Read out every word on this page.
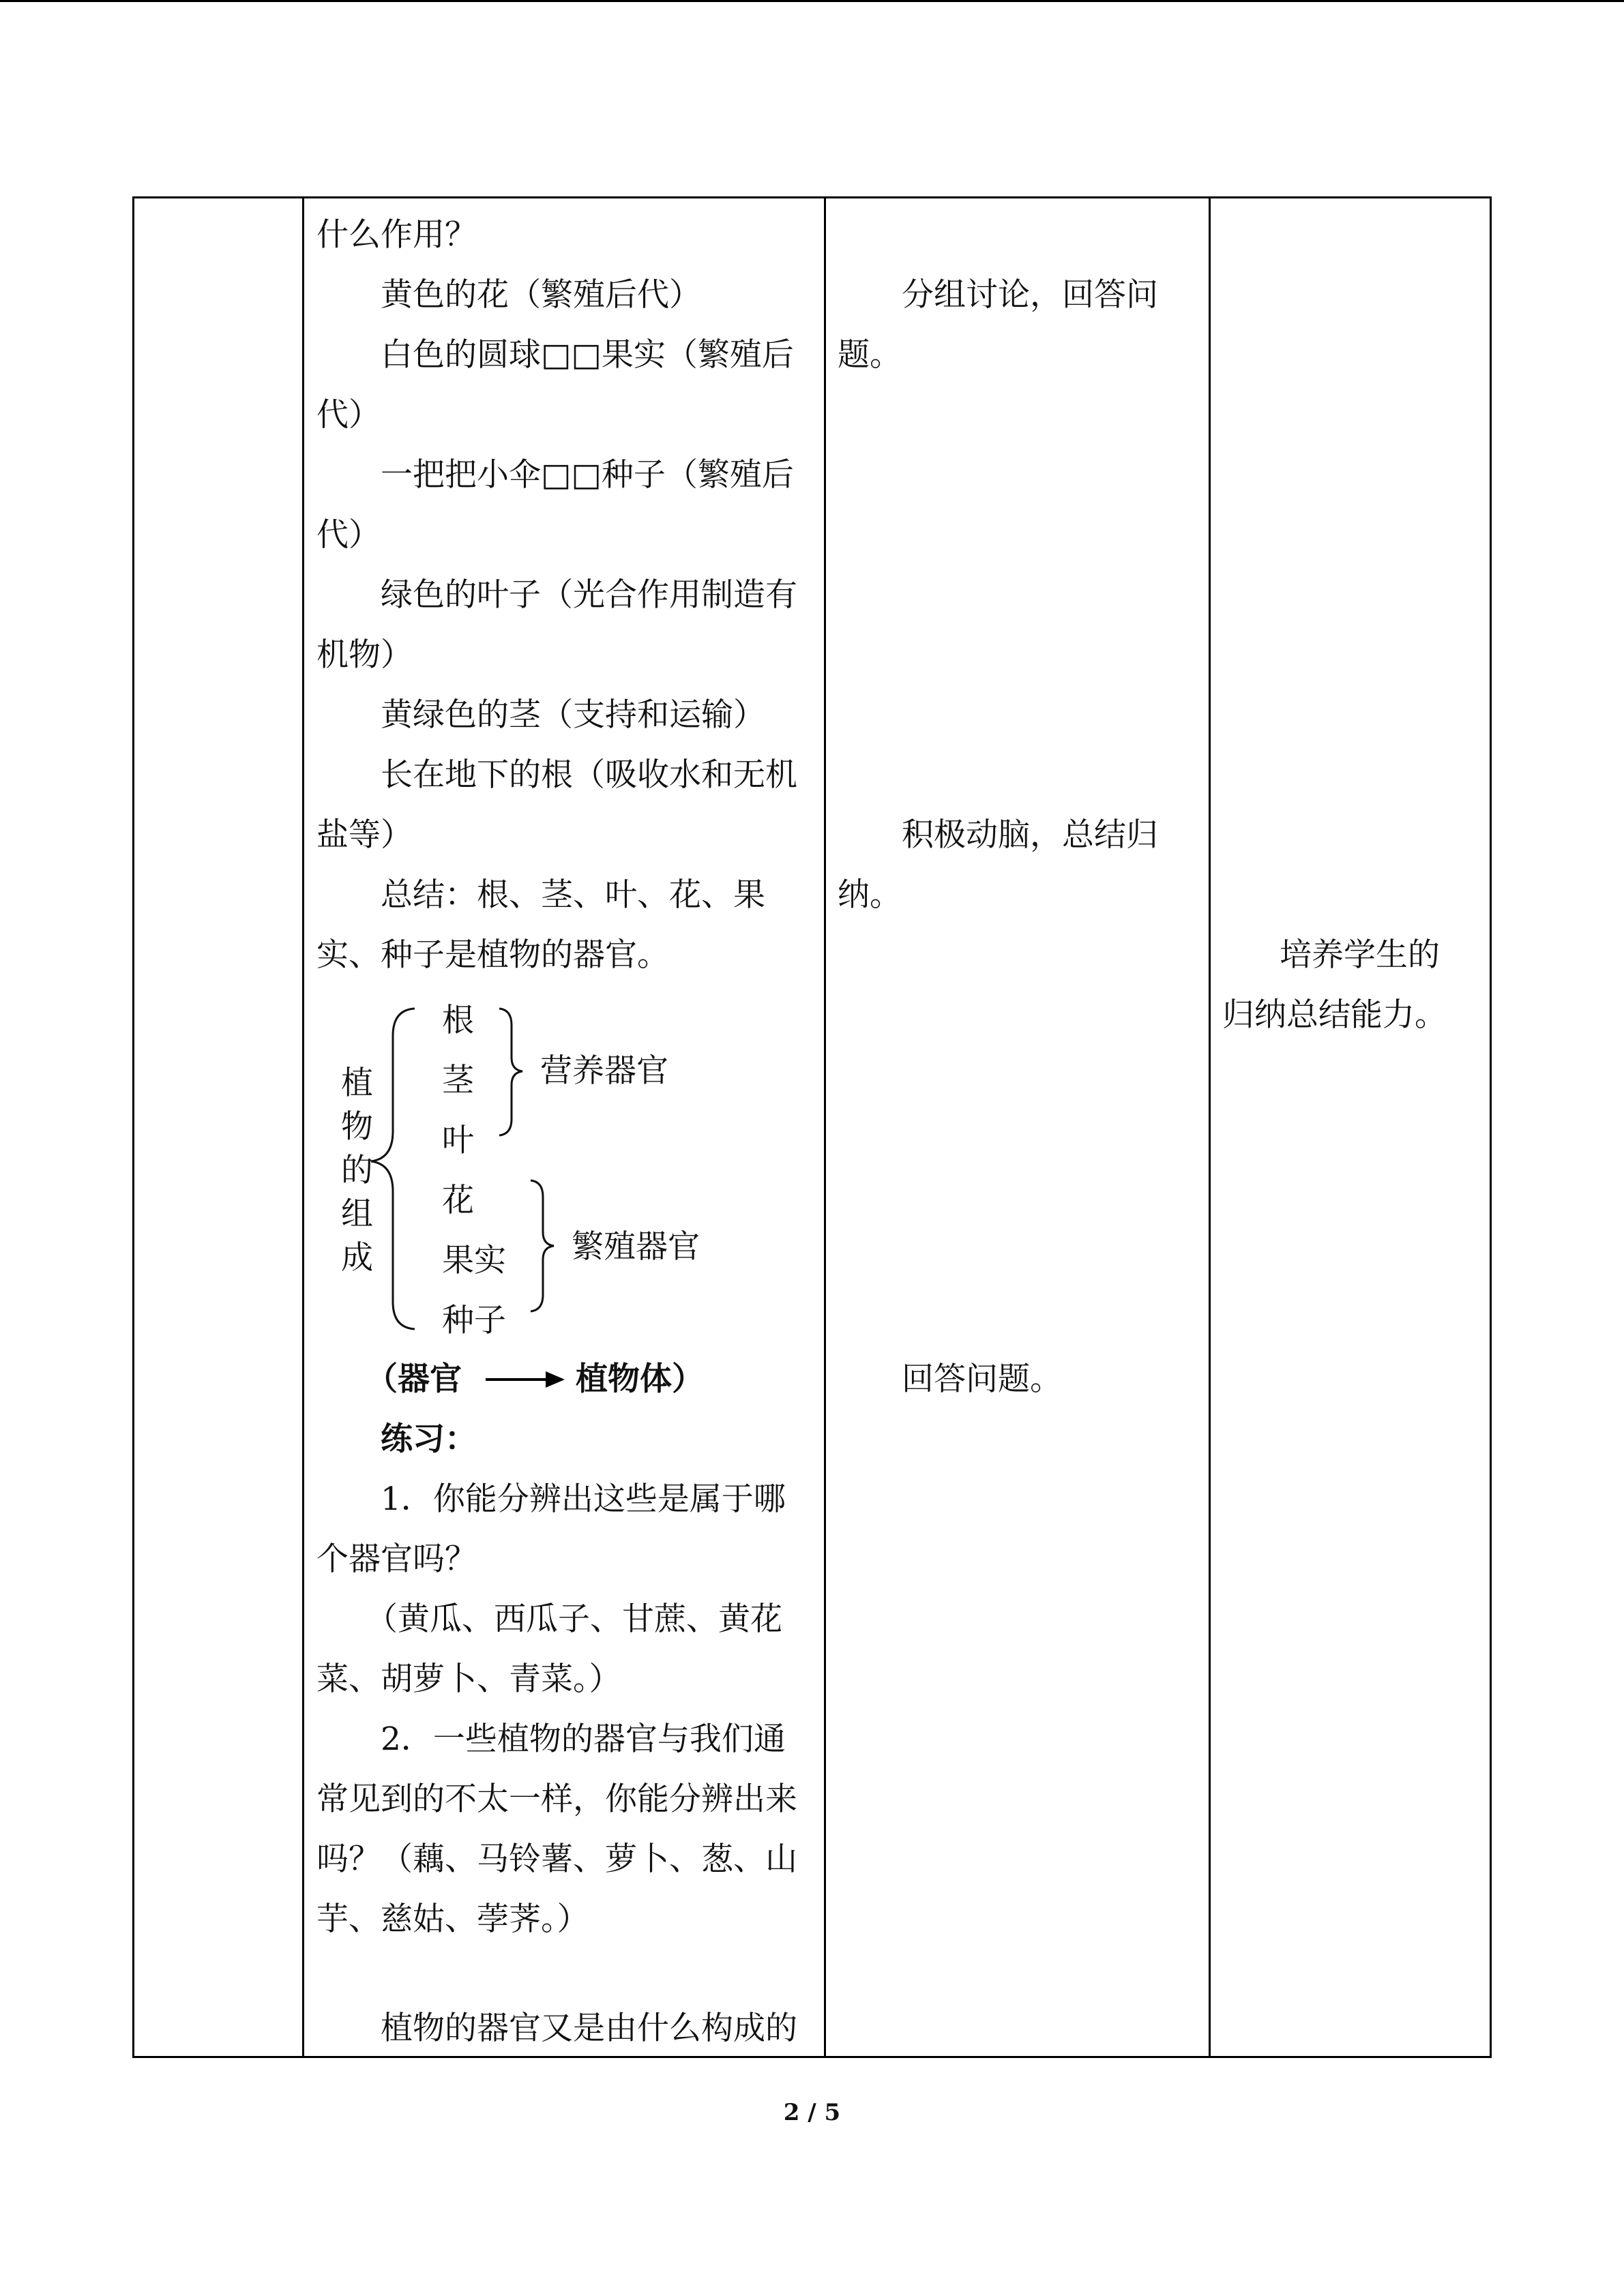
什么作用？
黄色的花（繁殖后代）
白色的圆球□□果实（繁殖后
代）
一把把小伞□□种子（繁殖后
代）
绿色的叶子（光合作用制造有
机物）
黄绿色的茎（支持和运输）
长在地下的根（吸收水和无机
盐等）
总结：根、茎、叶、花、果
实、种子是植物的器官。
植
物
的
组
成
根
茎
叶
营养器官
花
果实
种子
繁殖器官
（器官	植物体）
练习：
1．你能分辨出这些是属于哪
个器官吗？
（黄瓜、西瓜子、甘蔗、黄花
菜、胡萝卜、青菜。）
2．一些植物的器官与我们通
常见到的不太一样，你能分辨出来
吗？（藕、马铃薯、萝卜、葱、山
芋、慈姑、荸荠。）
植物的器官又是由什么构成的
分组讨论，回答问
题。
积极动脑，总结归
纳。
回答问题。
培养学生的
归纳总结能力。
2 / 5
